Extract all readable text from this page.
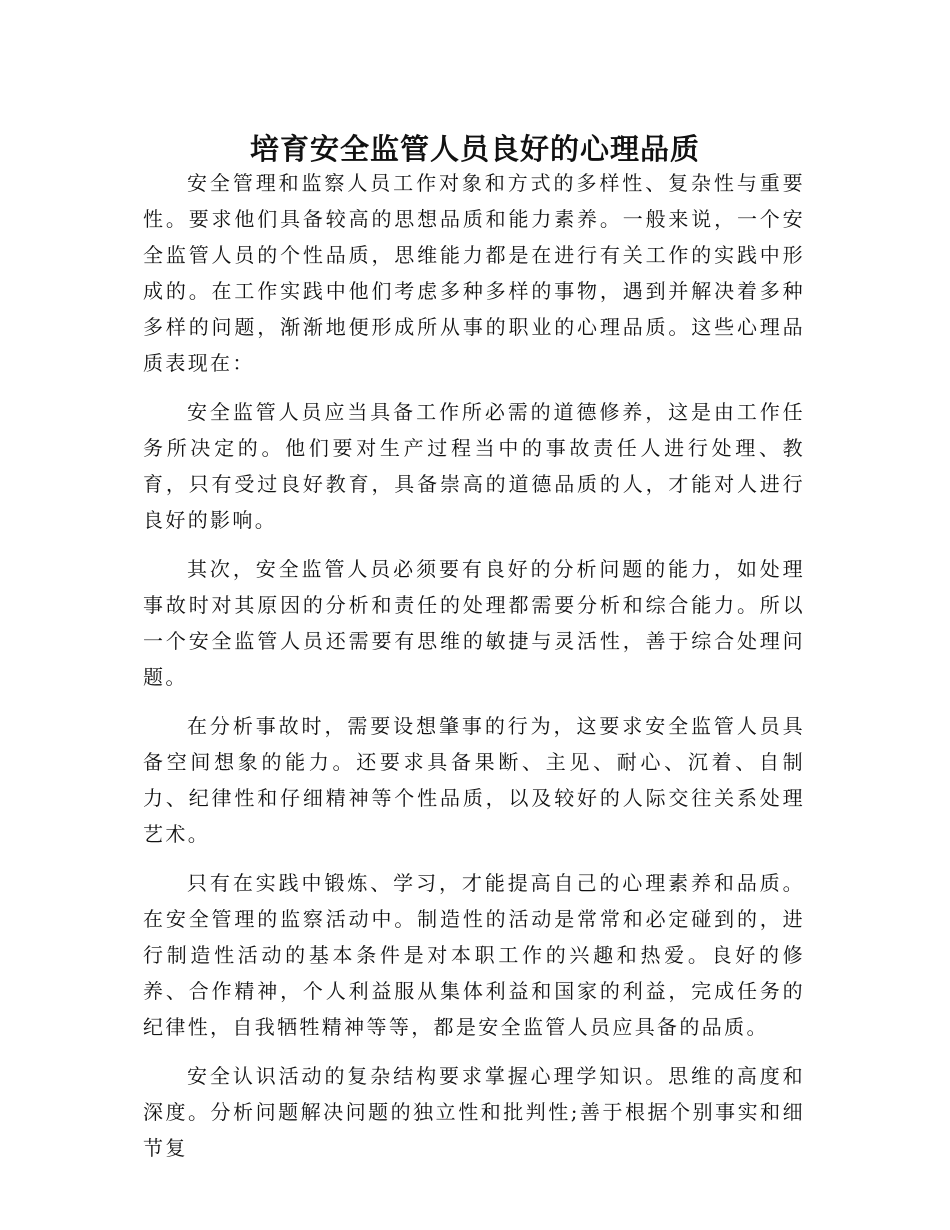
培育安全监管人员良好的心理品质

安全管理和监察人员工作对象和方式的多样性、复杂性与重要性。要求他们具备较高的思想品质和能力素养。一般来说，一个安全监管人员的个性品质，思维能力都是在进行有关工作的实践中形成的。在工作实践中他们考虑多种多样的事物，遇到并解决着多种多样的问题，渐渐地便形成所从事的职业的心理品质。这些心理品质表现在：

安全监管人员应当具备工作所必需的道德修养，这是由工作任务所决定的。他们要对生产过程当中的事故责任人进行处理、教育，只有受过良好教育，具备崇高的道德品质的人，才能对人进行良好的影响。

其次，安全监管人员必须要有良好的分析问题的能力，如处理事故时对其原因的分析和责任的处理都需要分析和综合能力。所以一个安全监管人员还需要有思维的敏捷与灵活性，善于综合处理问题。

在分析事故时，需要设想肇事的行为，这要求安全监管人员具备空间想象的能力。还要求具备果断、主见、耐心、沉着、自制力、纪律性和仔细精神等个性品质，以及较好的人际交往关系处理艺术。

只有在实践中锻炼、学习，才能提高自己的心理素养和品质。在安全管理的监察活动中。制造性的活动是常常和必定碰到的，进行制造性活动的基本条件是对本职工作的兴趣和热爱。良好的修养、合作精神，个人利益服从集体利益和国家的利益，完成任务的纪律性，自我牺牲精神等等，都是安全监管人员应具备的品质。

安全认识活动的复杂结构要求掌握心理学知识。思维的高度和深度。分析问题解决问题的独立性和批判性;善于根据个别事实和细节复
